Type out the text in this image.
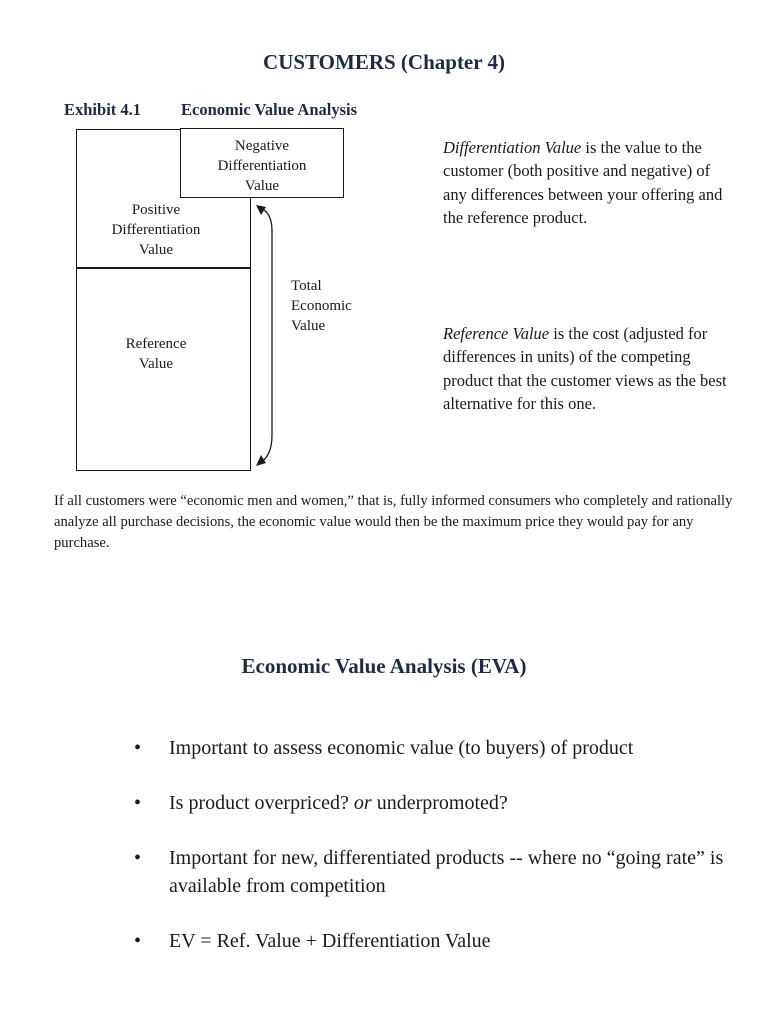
CUSTOMERS (Chapter 4)
Exhibit 4.1 Economic Value Analysis
Negative
Differentiation
Value
Positive
Differentiation
Value
Reference
Value
Total
Economic
Value
Differentiation Value is the value to the customer (both positive and negative) of any differences between your offering and the reference product.
Reference Value is the cost (adjusted for differences in units) of the competing product that the customer views as the best alternative for this one.
If all customers were “economic men and women,” that is, fully informed consumers who completely and rationally analyze all purchase decisions, the economic value would then be the maximum price they would pay for any purchase.
Economic Value Analysis (EVA)
• Important to assess economic value (to buyers) of product
• Is product overpriced? or underpromoted?
• Important for new, differentiated products -- where no “going rate” is available from competition
• EV = Ref. Value + Differentiation Value
